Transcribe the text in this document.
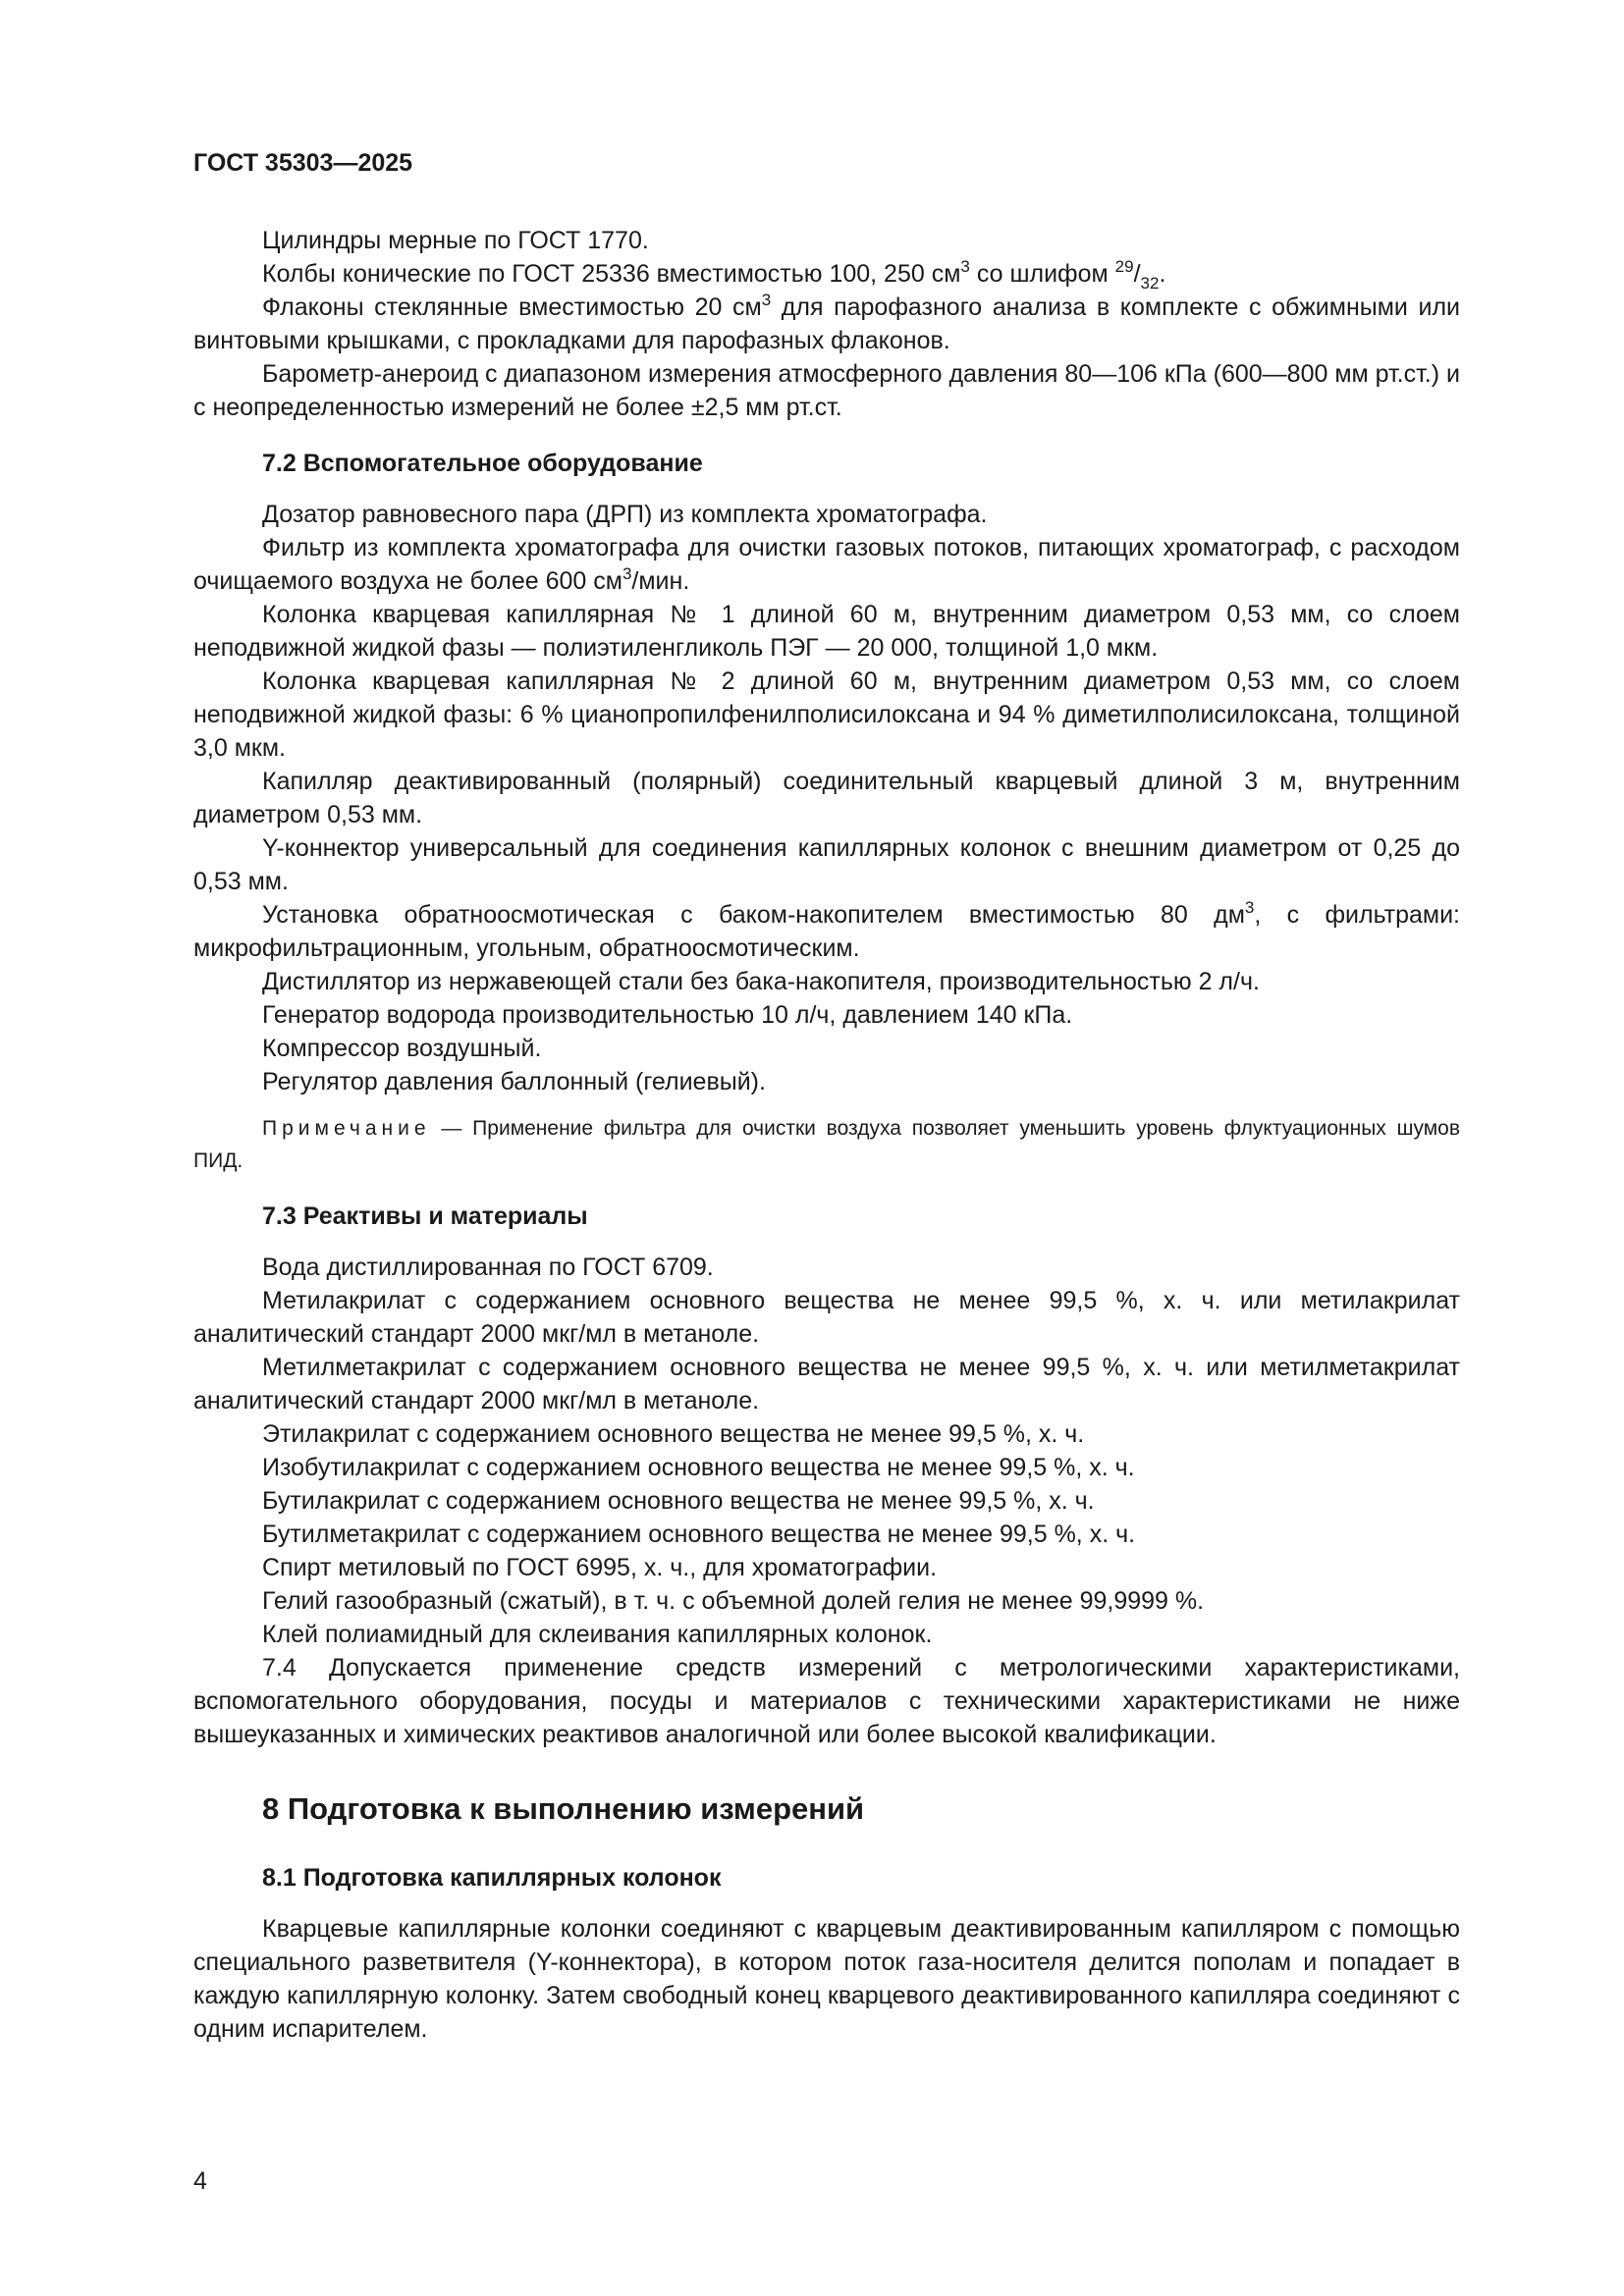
ГОСТ 35303—2025

Цилиндры мерные по ГОСТ 1770.

Колбы конические по ГОСТ 25336 вместимостью 100, 250 $см^3$ со шлифом $^{29}/_{32}$.

Флаконы стеклянные вместимостью 20 $см^3$ для парофазного анализа в комплекте с обжимными или винтовыми крышками, с прокладками для парофазных флаконов.

Барометр-анероид с диапазоном измерения атмосферного давления 80—106 кПа (600—800 мм рт.ст.) и с неопределенностью измерений не более ±2,5 мм рт.ст.

7.2 Вспомогательное оборудование

Дозатор равновесного пара (ДРП) из комплекта хроматографа.

Фильтр из комплекта хроматографа для очистки газовых потоков, питающих хроматограф, с расходом очищаемого воздуха не более 600 $см^3$/мин.

Колонка кварцевая капиллярная № 1 длиной 60 м, внутренним диаметром 0,53 мм, со слоем неподвижной жидкой фазы — полиэтиленгликоль ПЭГ — 20 000, толщиной 1,0 мкм.

Колонка кварцевая капиллярная № 2 длиной 60 м, внутренним диаметром 0,53 мм, со слоем неподвижной жидкой фазы: 6 % цианопропилфенилполисилоксана и 94 % диметилполисилоксана, толщиной 3,0 мкм.

Капилляр деактивированный (полярный) соединительный кварцевый длиной 3 м, внутренним диаметром 0,53 мм.

Y-коннектор универсальный для соединения капиллярных колонок с внешним диаметром от 0,25 до 0,53 мм.

Установка обратноосмотическая с баком-накопителем вместимостью 80 $дм^3$, с фильтрами: микрофильтрационным, угольным, обратноосмотическим.

Дистиллятор из нержавеющей стали без бака-накопителя, производительностью 2 л/ч.

Генератор водорода производительностью 10 л/ч, давлением 140 кПа.

Компрессор воздушный.

Регулятор давления баллонный (гелиевый).

Примечание — Применение фильтра для очистки воздуха позволяет уменьшить уровень флуктуационных шумов ПИД.

7.3 Реактивы и материалы

Вода дистиллированная по ГОСТ 6709.

Метилакрилат с содержанием основного вещества не менее 99,5 %, х. ч. или метилакрилат аналитический стандарт 2000 мкг/мл в метаноле.

Метилметакрилат с содержанием основного вещества не менее 99,5 %, х. ч. или метилметакрилат аналитический стандарт 2000 мкг/мл в метаноле.

Этилакрилат с содержанием основного вещества не менее 99,5 %, х. ч.

Изобутилакрилат с содержанием основного вещества не менее 99,5 %, х. ч.

Бутилакрилат с содержанием основного вещества не менее 99,5 %, х. ч.

Бутилметакрилат с содержанием основного вещества не менее 99,5 %, х. ч.

Спирт метиловый по ГОСТ 6995, х. ч., для хроматографии.

Гелий газообразный (сжатый), в т. ч. с объемной долей гелия не менее 99,9999 %.

Клей полиамидный для склеивания капиллярных колонок.

7.4 Допускается применение средств измерений с метрологическими характеристиками, вспомогательного оборудования, посуды и материалов с техническими характеристиками не ниже вышеуказанных и химических реактивов аналогичной или более высокой квалификации.

8 Подготовка к выполнению измерений
8.1 Подготовка капиллярных колонок

Кварцевые капиллярные колонки соединяют с кварцевым деактивированным капилляром с помощью специального разветвителя (Y-коннектора), в котором поток газа-носителя делится пополам и попадает в каждую капиллярную колонку. Затем свободный конец кварцевого деактивированного капилляра соединяют с одним испарителем.

4
